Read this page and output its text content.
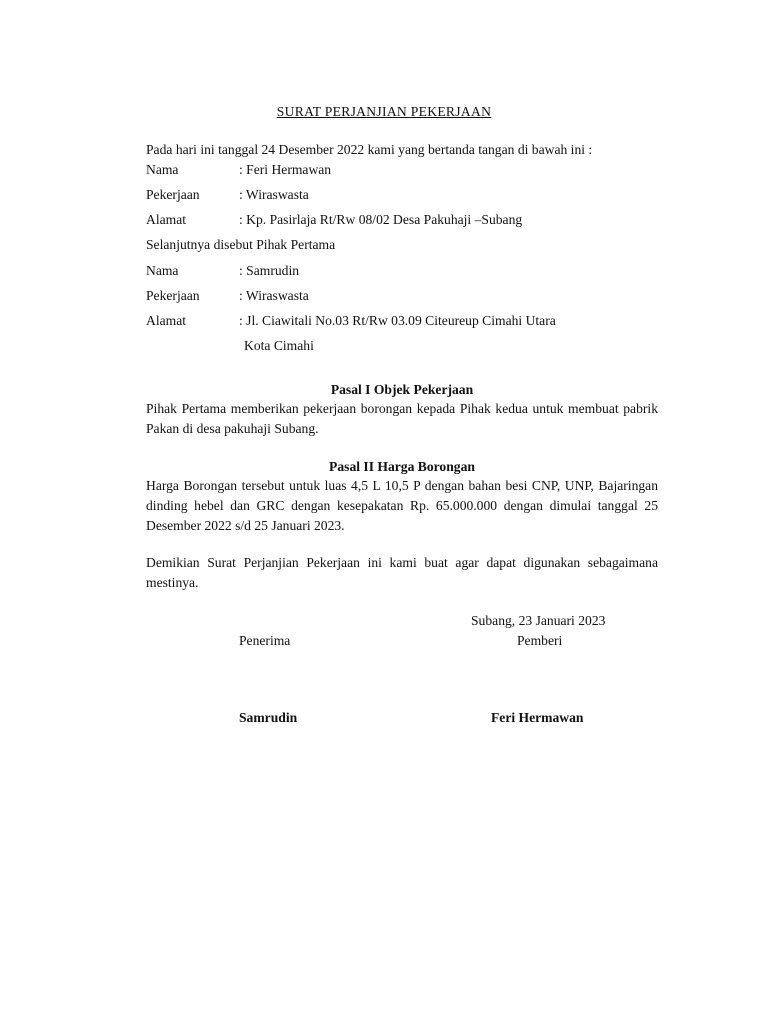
SURAT PERJANJIAN PEKERJAAN
Pada hari ini tanggal 24 Desember 2022 kami yang bertanda tangan di bawah ini :
Nama	: Feri Hermawan
Pekerjaan	: Wiraswasta
Alamat	: Kp. Pasirlaja Rt/Rw 08/02 Desa Pakuhaji –Subang
Selanjutnya disebut Pihak Pertama
Nama	: Samrudin
Pekerjaan	: Wiraswasta
Alamat	: Jl. Ciawitali No.03 Rt/Rw 03.09 Citeureup Cimahi Utara
Kota Cimahi
Pasal I Objek Pekerjaan
Pihak Pertama memberikan pekerjaan borongan kepada Pihak kedua untuk membuat pabrik Pakan di desa pakuhaji Subang.
Pasal II Harga Borongan
Harga Borongan tersebut untuk luas 4,5 L 10,5 P dengan bahan besi CNP, UNP, Bajaringan dinding hebel dan GRC dengan kesepakatan Rp. 65.000.000 dengan dimulai tanggal 25 Desember 2022 s/d 25 Januari 2023.
Demikian Surat Perjanjian Pekerjaan ini kami buat agar dapat digunakan sebagaimana mestinya.
Subang, 23 Januari 2023
Penerima	Pemberi
Samrudin	Feri Hermawan
